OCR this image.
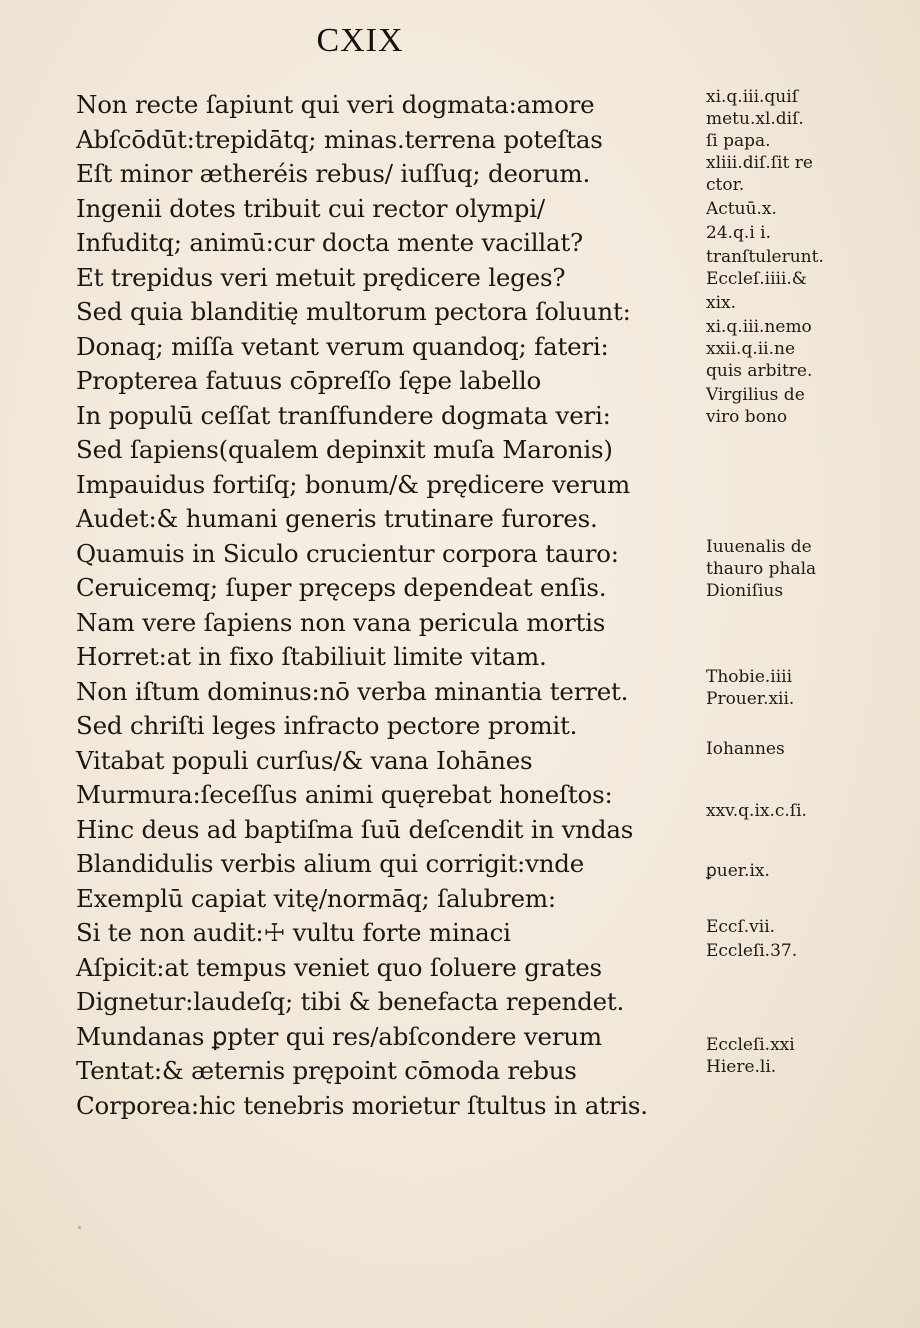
CXIX
Non recte ſapiunt qui veri dogmata:amore
Abſcōdūt:trepidātq; minas.terrena poteſtas
Eſt minor ætheréis rebus/ iuſſuq; deorum.
Ingenii dotes tribuit cui rector olympi/
Infuditq; animū:cur docta mente vacillat?
Et trepidus veri metuit prędicere leges?
Sed quia blanditię multorum pectora ſoluunt:
Donaq; miſſa vetant verum quandoq; fateri:
Propterea fatuus cōpreſſo ſępe labello
In populū ceſſat tranſfundere dogmata veri:
Sed ſapiens(qualem depinxit muſa Maronis)
Impauidus fortiſq; bonum/& prędicere verum
Audet:& humani generis trutinare furores.
Quamuis in Siculo crucientur corpora tauro:
Ceruicemq; ſuper pręceps dependeat enſis.
Nam vere ſapiens non vana pericula mortis
Horret:at in fixo ſtabiliuit limite vitam.
Non iſtum dominus:nō verba minantia terret.
Sed chriſti leges infracto pectore promit.
Vitabat populi curſus/& vana Iohānes
Murmura:ſeceſſus animi quęrebat honeſtos:
Hinc deus ad baptiſma ſuū deſcendit in vndas
Blandidulis verbis alium qui corrigit:vnde
Exemplū capiat vitę/normāq; ſalubrem:
Si te non audit:☩ vultu forte minaci
Aſpicit:at tempus veniet quo ſoluere grates
Dignetur:laudeſq; tibi & benefacta rependet.
Mundanas ꝑpter qui res/abſcondere verum
Tentat:& æternis prępoint cōmoda rebus
Corporea:hic tenebris morietur ſtultus in atris.
xi.q.iii.quiſ
metu.xl.diſ.
ſi papa.
xliii.diſ.ſit re
ctor.
Actuū.x.
24.q.i i.
tranſtulerunt.
Eccleſ.iiii.&
xix.
xi.q.iii.nemo
xxii.q.ii.ne
quis arbitre.
Virgilius de
viro bono
Iuuenalis de
thauro phala
Dioniſius
Thobie.iiii
Prouer.xii.
Iohannes
xxv.q.ix.c.ſi.
ꝑuer.ix.
Eccſ.vii.
Eccleſi.37.
Eccleſi.xxi
Hiere.li.
